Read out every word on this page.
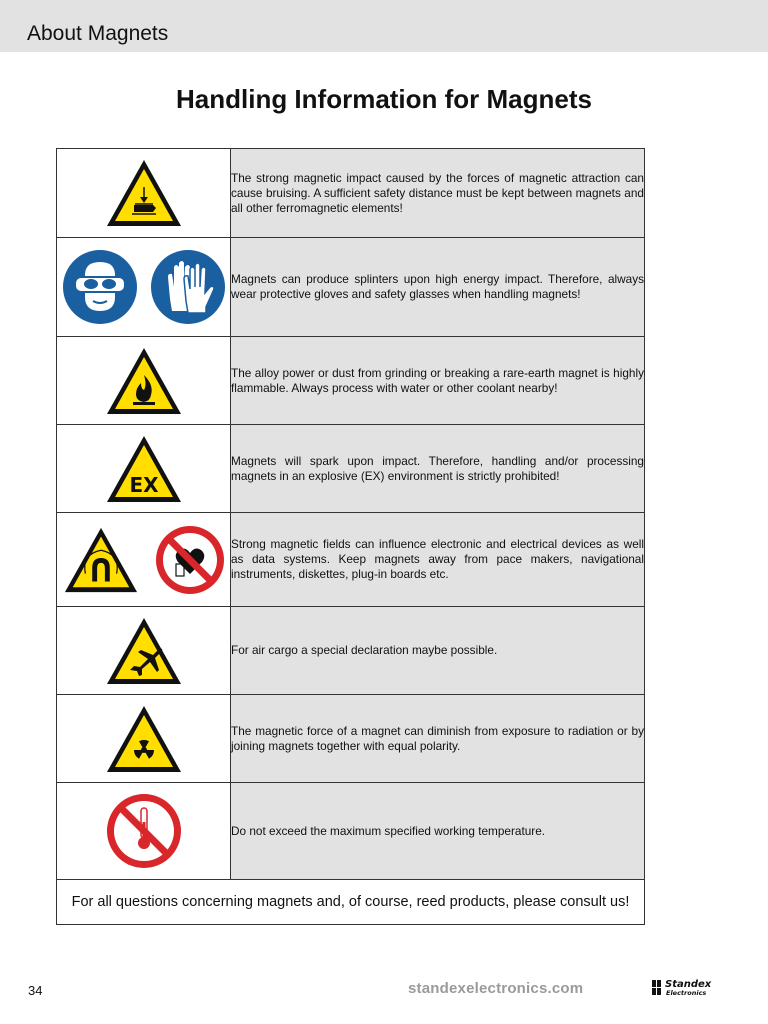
About Magnets
Handling Information for Magnets
	The strong magnetic impact caused by the forces of magnetic attraction can cause bruising. A sufficient safety distance must be kept between magnets and all other ferromagnetic elements!

	Magnets can produce splinters upon high energy impact. Therefore, always wear protective gloves and safety glasses when handling magnets!

	The alloy power or dust from grinding or breaking a rare-earth magnet is highly flammable. Always process with water or other coolant nearby!

EX	Magnets will spark upon impact. Therefore, handling and/or processing magnets in an explosive (EX) environment is strictly prohibited!

	Strong magnetic fields can influence electronic and electrical devices as well as data systems. Keep magnets away from pace makers, navigational instruments, diskettes, plug-in boards etc.

	For air cargo a special declaration maybe possible.

	The magnetic force of a magnet can diminish from exposure to radiation or by joining magnets together with equal polarity.

	Do not exceed the maximum specified working temperature.
For all questions concerning magnets and, of course, reed products, please consult us!	
34	standexelectronics.com	Standex
Electronics
